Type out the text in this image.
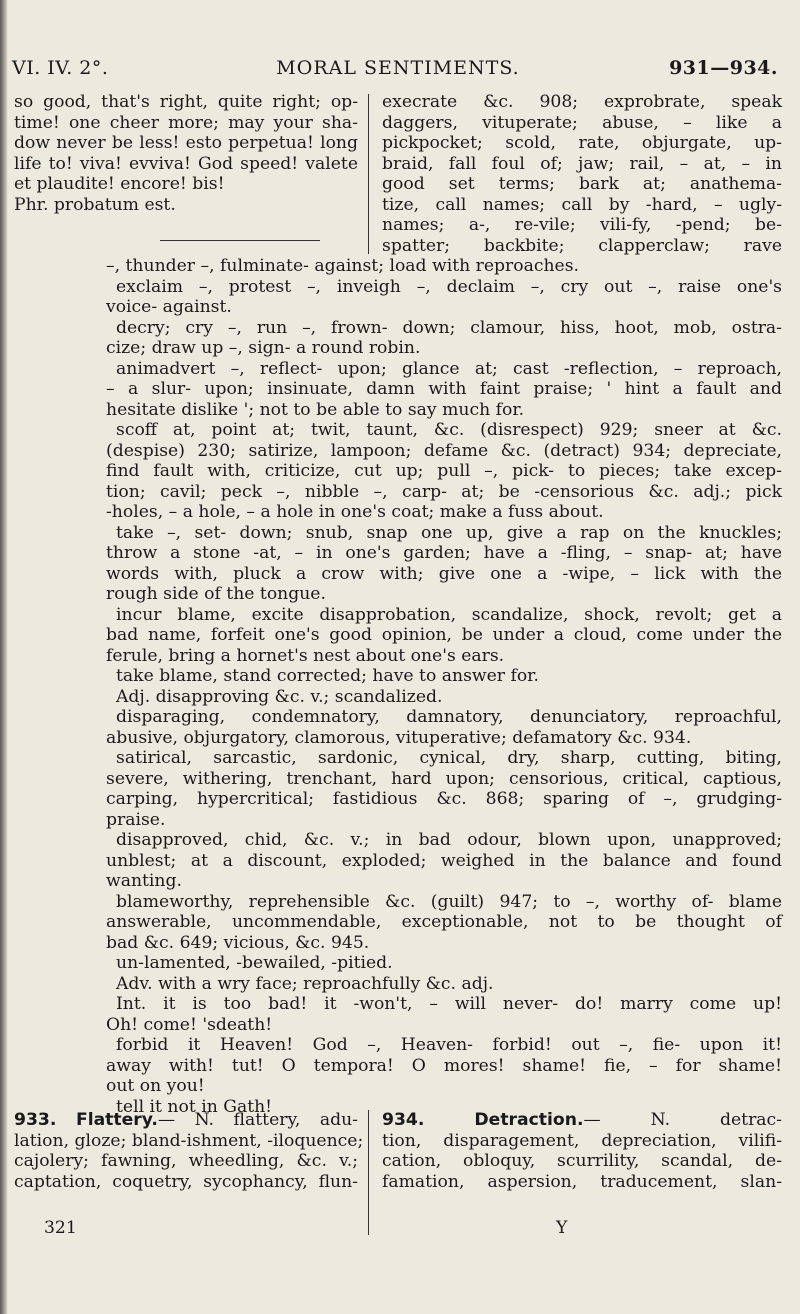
VI. IV. 2°.	MORAL SENTIMENTS.	931—934.
so good, that's right, quite right; op-
time! one cheer more; may your sha-
dow never be less! esto perpetua! long
life to! viva! evviva! God speed! valete
et plaudite! encore! bis!
Phr. probatum est.
execrate &c. 908; exprobrate, speak
daggers, vituperate; abuse, – like a
pickpocket; scold, rate, objurgate, up-
braid, fall foul of; jaw; rail, – at, – in
good set terms; bark at; anathema-
tize, call names; call by -hard, – ugly-
names; a-, re-vile; vili-fy, -pend; be-
spatter; backbite; clapperclaw; rave
–, thunder –, fulminate- against; load with reproaches.
exclaim –, protest –, inveigh –, declaim –, cry out –, raise one's
voice- against.
decry; cry –, run –, frown- down; clamour, hiss, hoot, mob, ostra-
cize; draw up –, sign- a round robin.
animadvert –, reflect- upon; glance at; cast -reflection, – reproach,
– a slur- upon; insinuate, damn with faint praise; ' hint a fault and
hesitate dislike '; not to be able to say much for.
scoff at, point at; twit, taunt, &c. (disrespect) 929; sneer at &c.
(despise) 230; satirize, lampoon; defame &c. (detract) 934; depreciate,
find fault with, criticize, cut up; pull –, pick- to pieces; take excep-
tion; cavil; peck –, nibble –, carp- at; be -censorious &c. adj.; pick
-holes, – a hole, – a hole in one's coat; make a fuss about.
take –, set- down; snub, snap one up, give a rap on the knuckles;
throw a stone -at, – in one's garden; have a -fling, – snap- at; have
words with, pluck a crow with; give one a -wipe, – lick with the
rough side of the tongue.
incur blame, excite disapprobation, scandalize, shock, revolt; get a
bad name, forfeit one's good opinion, be under a cloud, come under the
ferule, bring a hornet's nest about one's ears.
take blame, stand corrected; have to answer for.
Adj. disapproving &c. v.; scandalized.
disparaging, condemnatory, damnatory, denunciatory, reproachful,
abusive, objurgatory, clamorous, vituperative; defamatory &c. 934.
satirical, sarcastic, sardonic, cynical, dry, sharp, cutting, biting,
severe, withering, trenchant, hard upon; censorious, critical, captious,
carping, hypercritical; fastidious &c. 868; sparing of –, grudging-
praise.
disapproved, chid, &c. v.; in bad odour, blown upon, unapproved;
unblest; at a discount, exploded; weighed in the balance and found
wanting.
blameworthy, reprehensible &c. (guilt) 947; to –, worthy of- blame
answerable, uncommendable, exceptionable, not to be thought of
bad &c. 649; vicious, &c. 945.
un-lamented, -bewailed, -pitied.
Adv. with a wry face; reproachfully &c. adj.
Int. it is too bad! it -won't, – will never- do! marry come up!
Oh! come! 'sdeath!
forbid it Heaven! God –, Heaven- forbid! out –, fie- upon it!
away with! tut! O tempora! O mores! shame! fie, – for shame!
out on you!
tell it not in Gath!
933. Flattery.— N. flattery, adu-
lation, gloze; bland-ishment, -iloquence;
cajolery; fawning, wheedling, &c. v.;
captation, coquetry, sycophancy, flun-
934.	Detraction.— N. detrac-
tion, disparagement, depreciation, vilifi-
cation, obloquy, scurrility, scandal, de-
famation, aspersion, traducement, slan-
321	Y
